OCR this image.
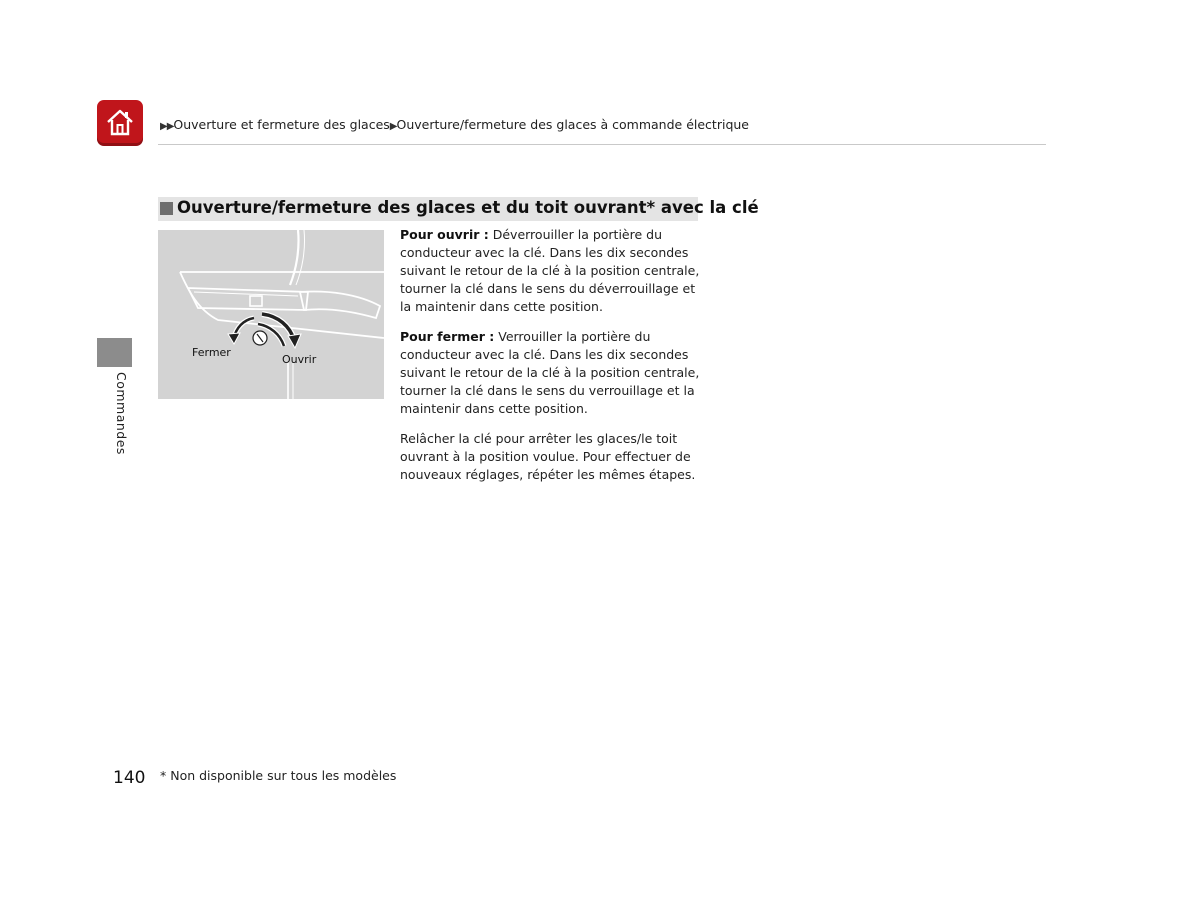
▶▶Ouverture et fermeture des glaces▶Ouverture/fermeture des glaces à commande électrique
Commandes
Ouverture/fermeture des glaces et du toit ouvrant* avec la clé
Fermer
Ouvrir

Pour ouvrir : Déverrouiller la portière du conducteur avec la clé. Dans les dix secondes suivant le retour de la clé à la position centrale, tourner la clé dans le sens du déverrouillage et la maintenir dans cette position.

Pour fermer : Verrouiller la portière du conducteur avec la clé. Dans les dix secondes suivant le retour de la clé à la position centrale, tourner la clé dans le sens du verrouillage et la maintenir dans cette position.

Relâcher la clé pour arrêter les glaces/le toit ouvrant à la position voulue. Pour effectuer de nouveaux réglages, répéter les mêmes étapes.

140 * Non disponible sur tous les modèles
